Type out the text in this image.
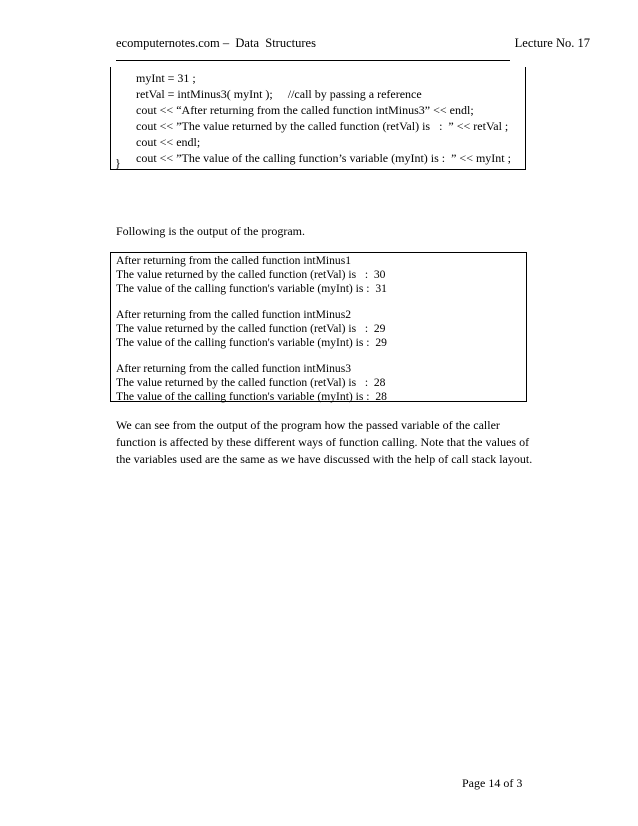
ecomputernotes.com –  Data  Structures	Lecture No. 17
myInt = 31 ;
retVal = intMinus3( myInt );     //call by passing a reference
cout << “After returning from the called function intMinus3” << endl;
cout << ”The value returned by the called function (retVal) is   :  ” << retVal ;
cout << endl;
cout << ”The value of the calling function’s variable (myInt) is :  ” << myInt ;
}
Following is the output of the program.
After returning from the called function intMinus1
The value returned by the called function (retVal) is   :  30
The value of the calling function's variable (myInt) is :  31
After returning from the called function intMinus2
The value returned by the called function (retVal) is   :  29
The value of the calling function's variable (myInt) is :  29
After returning from the called function intMinus3
The value returned by the called function (retVal) is   :  28
The value of the calling function's variable (myInt) is :  28
We can see from the output of the program how the passed variable of the caller
function is affected by these different ways of function calling. Note that the values of
the variables used are the same as we have discussed with the help of call stack layout.
Page 14 of 3
